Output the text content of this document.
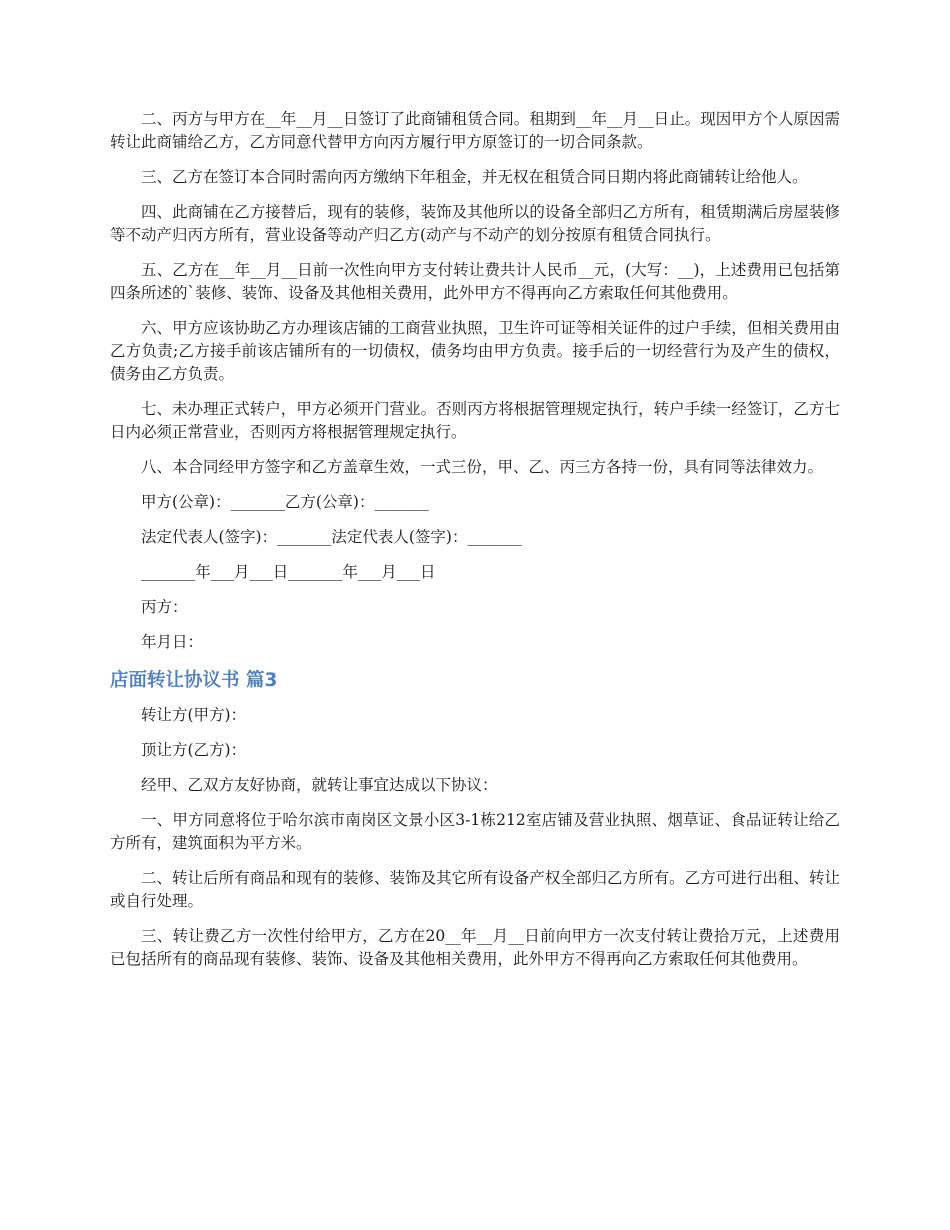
二、丙方与甲方在__年__月__日签订了此商铺租赁合同。租期到__年__月__日止。现因甲方个人原因需转让此商铺给乙方，乙方同意代替甲方向丙方履行甲方原签订的一切合同条款。

三、乙方在签订本合同时需向丙方缴纳下年租金，并无权在租赁合同日期内将此商铺转让给他人。

四、此商铺在乙方接替后，现有的装修，装饰及其他所以的设备全部归乙方所有，租赁期满后房屋装修等不动产归丙方所有，营业设备等动产归乙方(动产与不动产的划分按原有租赁合同执行。

五、乙方在__年__月__日前一次性向甲方支付转让费共计人民币__元，(大写：__)，上述费用已包括第四条所述的`装修、装饰、设备及其他相关费用，此外甲方不得再向乙方索取任何其他费用。

六、甲方应该协助乙方办理该店铺的工商营业执照，卫生许可证等相关证件的过户手续，但相关费用由乙方负责;乙方接手前该店铺所有的一切债权，债务均由甲方负责。接手后的一切经营行为及产生的债权，债务由乙方负责。

七、未办理正式转户，甲方必须开门营业。否则丙方将根据管理规定执行，转户手续一经签订，乙方七日内必须正常营业，否则丙方将根据管理规定执行。

八、本合同经甲方签字和乙方盖章生效，一式三份，甲、乙、丙三方各持一份，具有同等法律效力。

甲方(公章)：_______乙方(公章)：_______

法定代表人(签字)：_______法定代表人(签字)：_______

_______年___月___日_______年___月___日

丙方：

年月日：

店面转让协议书 篇3

转让方(甲方)：

顶让方(乙方)：

经甲、乙双方友好协商，就转让事宜达成以下协议：

一、甲方同意将位于哈尔滨市南岗区文景小区3-1栋212室店铺及营业执照、烟草证、食品证转让给乙方所有，建筑面积为平方米。

二、转让后所有商品和现有的装修、装饰及其它所有设备产权全部归乙方所有。乙方可进行出租、转让或自行处理。

三、转让费乙方一次性付给甲方，乙方在20__年__月__日前向甲方一次支付转让费拾万元，上述费用已包括所有的商品现有装修、装饰、设备及其他相关费用，此外甲方不得再向乙方索取任何其他费用。
